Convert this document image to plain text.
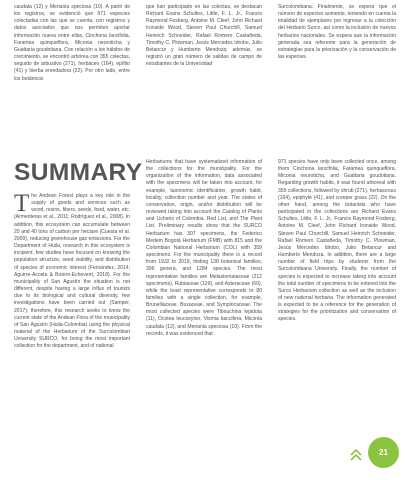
caudata (12) y Meriania speciosa (10). A partir de los registros, se evidenció que 971 especies colectadas con las que se cuenta, con registros y datos asociados que nos permiten aportar información nueva entre ellas, Cinchona lancifolia, Faramea quinqueflora, Miconia neuroticha y Guattaria goudotiana. Con relación a los hábitos de crecimiento, se encontró arbórea con 355 colectas, seguido de arbustivo (271), herbáceo (164), epífito (41) y hierba enredadora (22). Por otro lado, entre los botánicos

que han participado en las colectas, se destacan Richard Evans Schultes, Little, F. L. Jr., Francis Raymond Fosberg, Antoine M. Cleef, John Richard Ironside Wood, Steven Paul Churchill, Samuel Heinrich Schneider, Rafael Romero Castañeda, Timothy C. Plowman, Jesús Mercedes Idrobo, Julio Betancur y Humberto Mendoza; además, se registró un gran número de salidas de campo de estudiantes de la Universidad

Surcolombiana. Finalmente, se espera que el número de especies aumente, teniendo en cuenta la totalidad de ejemplares por ingresar a la colección del Herbario Surco, así como la inclusión de nuevos herbarios nacionales. Se espera que la información generada sea referente para la generación de estrategias para la priorización y la conservación de las especies.

SUMMARY

The Andean Forest plays a key role in the supply of goods and services such as wood, resins, fibers, seeds, food, water, etc. (Armenteras et al., 2011; Rodríguez et al., 2008). In addition, this ecosystem can accumulate between 20 and 40 tons of carbon per hectare (Cuesta et al. 2009), reducing greenhouse gas emissions. For the Department of Huila, research in this ecosystem is incipient, few studies have focused on knowing the population structure, seed viability, and distribution of species of economic interest (Fernández, 2014; Aguirre-Acosta & Botero-Echeverri, 2018). For the municipality of San Agustín the situation is not different, despite having a large influx of tourists due to its biological and cultural diversity, few investigations have been carried out (Samper, 2017); therefore, this research seeks to know the current state of the Andean Flora of the municipality of San Agustín (Huila-Colombia) using the physical material of the Herbarium of the Surcolombian University SURCO, for being the most important collection for the department, and of national

Herbariums that have systematized information of the collections for the municipality. For the organization of the information, data associated with the specimens will be taken into account, for example, taxonomic identification, growth habit, locality, collection number and year. The states of conservation, origin, and/or distribution will be reviewed taking into account the Catalog of Plants and Lichens of Colombia, Red List, and The Plant List. Preliminary results show that the SURCO Herbarium has 307 specimens, the Federico Medem Bogotá Herbarium (FMB) with 815 and the Colombian National Herbarium (COL) with 359 specimens. For the municipality there is a record from 1932 to 2019, finding 138 botanical families, 306 genera, and 1284 species. The most representative families are Melastomataceae (212 specimens), Rubiaceae (129), and Asteraceae (60), while the least representative corresponds to 80 families with a single collection, for example, Brunelliaceae, Buxaceae, and Symplocaceae. The most collected species were Tibouchina lepidota (11), Ocotea leucoxylon, Vismia baccifera, Miconia caudata (12), and Meriania speciosa (10). From the records, it was evidenced that

971 species have only been collected once, among them Cinchona lancifolia, Faramea quinqueflora, Miconia neuroticha, and Guattaria goudotiana. Regarding growth habits, it was found arboreal with 355 collections, followed by shrub (271), herbaceous (164), epiphyte (41), and creeper grass (22). On the other hand, among the botanists who have participated in the collections are Richard Evans Schultes, Little, F. L. Jr., Francis Raymond Fosberg, Antoine M. Cleef, John Richard Ironside Wood, Steven Paul Churchill, Samuel Heinrich Schneider, Rafael Romero Castañeda, Timothy C. Plowman, Jesús Mercedes Idrobo, Julio Betancur and Humberto Mendoza. In addition, there are a large number of field trips by students from the Surcolombiana University. Finally, the number of species is expected to increase taking into account the total number of specimens to be entered into the Surco Herbarium collection as well as the inclusion of new national herbaria. The information generated is expected to be a reference for the generation of strategies for the prioritization and conservation of species.

21
